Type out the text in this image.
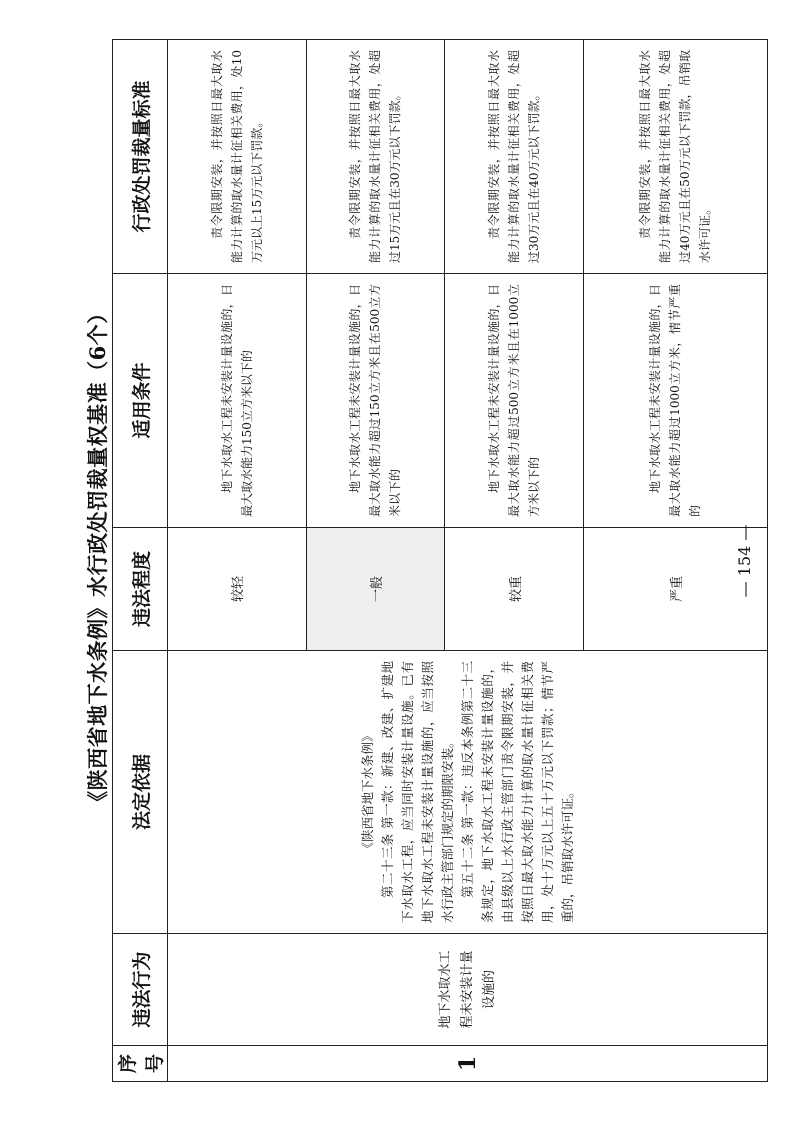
《陕西省地下水条例》水行政处罚裁量权基准（6个）
序号	违法行为	法定依据	违法程度	适用条件	行政处罚裁量标准
1	地下水取水工程未安装计量设施的	《陕西省地下水条例》 第二十三条 第一款：新建、改建、扩建地下水取水工程，应当同时安装计量设施。已有地下水取水工程未安装计量设施的，应当按照水行政主管部门规定的期限安装。 第五十二条 第一款：违反本条例第二十三条规定，地下水取水工程未安装计量设施的，由县级以上水行政主管部门责令限期安装，并按照日最大取水能力计算的取水量计征相关费用，处十万元以上五十万元以下罚款；情节严重的，吊销取水许可证。	较轻	地下水取水工程未安装计量设施的，日最大取水能力150立方米以下的	责令限期安装，并按照日最大取水能力计算的取水量计征相关费用，处10万元以上15万元以下罚款。
			一般	地下水取水工程未安装计量设施的，日最大取水能力超过150立方米且在500立方米以下的	责令限期安装，并按照日最大取水能力计算的取水量计征相关费用，处超过15万元且在30万元以下罚款。
			较重	地下水取水工程未安装计量设施的，日最大取水能力超过500立方米且在1000立方米以下的	责令限期安装，并按照日最大取水能力计算的取水量计征相关费用，处超过30万元且在40万元以下罚款。
			严重	地下水取水工程未安装计量设施的，日最大取水能力超过1000立方米，情节严重的	责令限期安装，并按照日最大取水能力计算的取水量计征相关费用，处超过40万元且在50万元以下罚款，吊销取水许可证。
— 154 —
